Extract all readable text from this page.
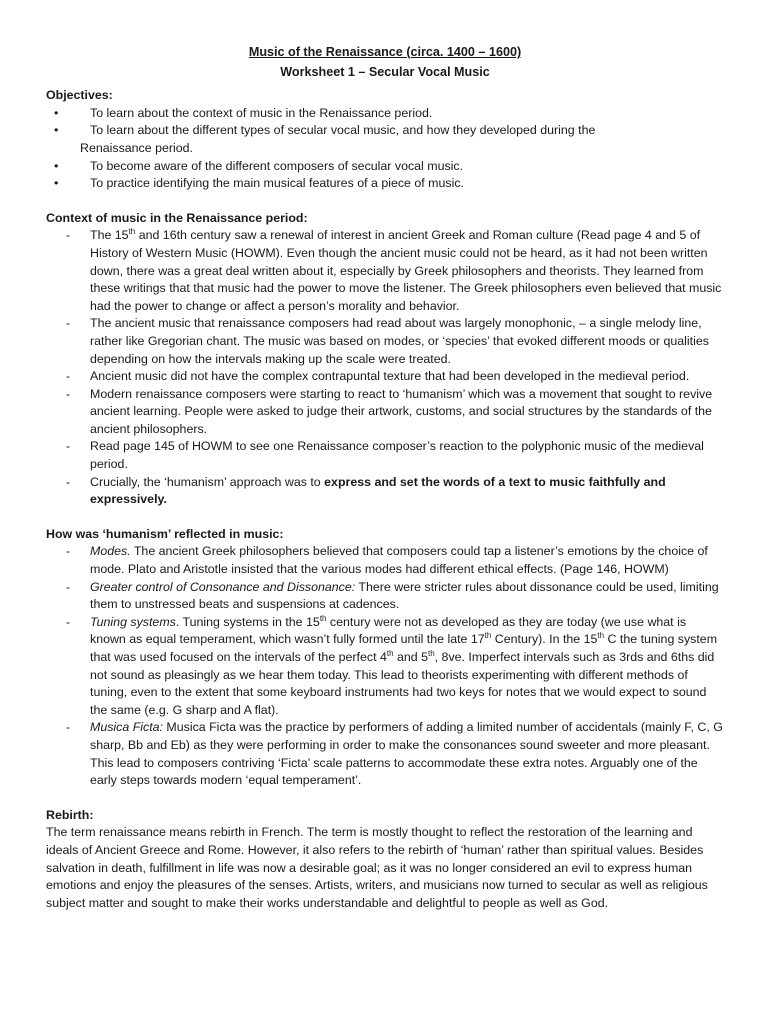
Music of the Renaissance (circa. 1400 – 1600)

Worksheet 1 – Secular Vocal Music

Objectives:

•	To learn about the context of music in the Renaissance period.
•	To learn about the different types of secular vocal music, and how they developed during the
Renaissance period.
•	To become aware of the different composers of secular vocal music.
•	To practice identifying the main musical features of a piece of music.

Context of music in the Renaissance period:

- The 15th and 16th century saw a renewal of interest in ancient Greek and Roman culture (Read page 4 and 5 of History of Western Music (HOWM). Even though the ancient music could not be heard, as it had not been written down, there was a great deal written about it, especially by Greek philosophers and theorists. They learned from these writings that that music had the power to move the listener. The Greek philosophers even believed that music had the power to change or affect a person’s morality and behavior.
- The ancient music that renaissance composers had read about was largely monophonic, – a single melody line, rather like Gregorian chant. The music was based on modes, or ‘species’ that evoked different moods or qualities depending on how the intervals making up the scale were treated.
- Ancient music did not have the complex contrapuntal texture that had been developed in the medieval period.
- Modern renaissance composers were starting to react to ‘humanism’ which was a movement that sought to revive ancient learning. People were asked to judge their artwork, customs, and social structures by the standards of the ancient philosophers.
- Read page 145 of HOWM to see one Renaissance composer’s reaction to the polyphonic music of the medieval period.
- Crucially, the ‘humanism’ approach was to express and set the words of a text to music faithfully and expressively.

How was ‘humanism’ reflected in music:

- Modes. The ancient Greek philosophers believed that composers could tap a listener’s emotions by the choice of mode. Plato and Aristotle insisted that the various modes had different ethical effects. (Page 146, HOWM)
- Greater control of Consonance and Dissonance: There were stricter rules about dissonance could be used, limiting them to unstressed beats and suspensions at cadences.
- Tuning systems. Tuning systems in the 15th century were not as developed as they are today (we use what is known as equal temperament, which wasn’t fully formed until the late 17th Century). In the 15th C the tuning system that was used focused on the intervals of the perfect 4th and 5th, 8ve. Imperfect intervals such as 3rds and 6ths did not sound as pleasingly as we hear them today. This lead to theorists experimenting with different methods of tuning, even to the extent that some keyboard instruments had two keys for notes that we would expect to sound the same (e.g. G sharp and A flat).
- Musica Ficta: Musica Ficta was the practice by performers of adding a limited number of accidentals (mainly F, C, G sharp, Bb and Eb) as they were performing in order to make the consonances sound sweeter and more pleasant. This lead to composers contriving ‘Ficta’ scale patterns to accommodate these extra notes. Arguably one of the early steps towards modern ‘equal temperament’.

Rebirth:

The term renaissance means rebirth in French. The term is mostly thought to reflect the restoration of the learning and ideals of Ancient Greece and Rome. However, it also refers to the rebirth of ‘human’ rather than spiritual values. Besides salvation in death, fulfillment in life was now a desirable goal; as it was no longer considered an evil to express human emotions and enjoy the pleasures of the senses. Artists, writers, and musicians now turned to secular as well as religious subject matter and sought to make their works understandable and delightful to people as well as God.
